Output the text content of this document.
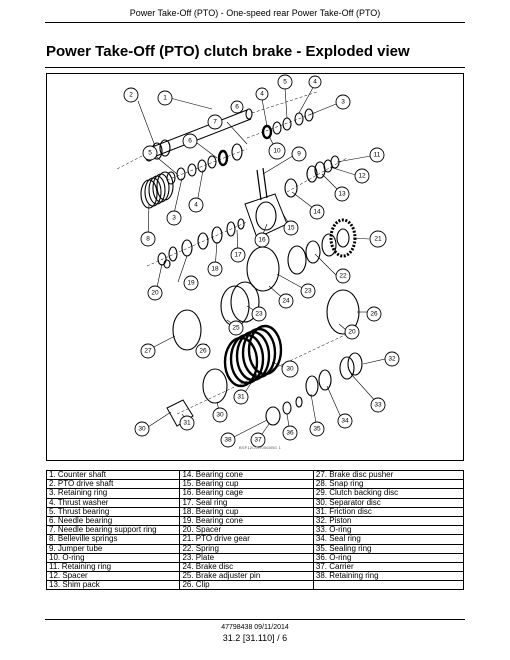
Power Take-Off (PTO) - One-speed rear Power Take-Off (PTO)
Power Take-Off (PTO) clutch brake - Exploded view
2	1
5	4
4
3
6
7
6
5	10	9	11
12
13
4
3
8
14
15
16	21
17
18
19
20
22
23
24
23	26
20
25
27	26
30
32
31
33
34
30
31
30	35
36
37
38
BSF12CCH0060BG 1
1. Counter shaft	14. Bearing cone	27. Brake disc pusher
2. PTO drive shaft	15. Bearing cup	28. Snap ring
3. Retaining ring	16. Bearing cage	29. Clutch backing disc
4. Thrust washer	17. Seal ring	30. Separator disc
5. Thrust bearing	18. Bearing cup	31. Friction disc
6. Needle bearing	19. Bearing cone	32. Piston
7. Needle bearing support ring	20. Spacer	33. O-ring
8. Belleville springs	21. PTO drive gear	34. Seal ring
9. Jumper tube	22. Spring	35. Sealing ring
10. O-ring	23. Plate	36. O-ring
11. Retaining ring	24. Brake disc	37. Carrier
12. Spacer	25. Brake adjuster pin	38. Retaining ring
13. Shim pack	26. Clip	
47798438 09/11/2014
31.2 [31.110] / 6
